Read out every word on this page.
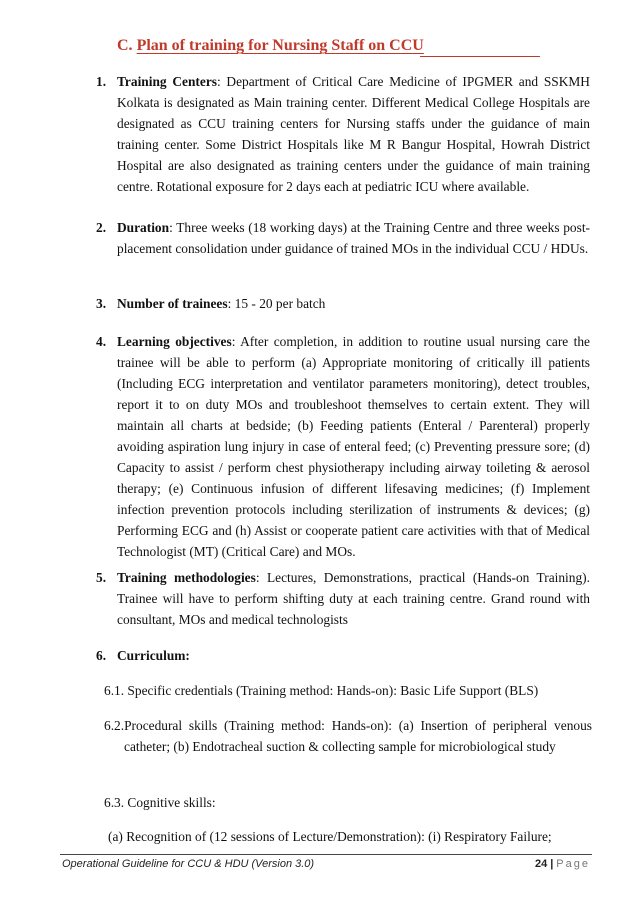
C. Plan of training for Nursing Staff on CCU
1. Training Centers: Department of Critical Care Medicine of IPGMER and SSKMH Kolkata is designated as Main training center. Different Medical College Hospitals are designated as CCU training centers for Nursing staffs under the guidance of main training center. Some District Hospitals like M R Bangur Hospital, Howrah District Hospital are also designated as training centers under the guidance of main training centre. Rotational exposure for 2 days each at pediatric ICU where available.
2. Duration: Three weeks (18 working days) at the Training Centre and three weeks post-placement consolidation under guidance of trained MOs in the individual CCU / HDUs.
3. Number of trainees: 15 - 20 per batch
4. Learning objectives: After completion, in addition to routine usual nursing care the trainee will be able to perform (a) Appropriate monitoring of critically ill patients (Including ECG interpretation and ventilator parameters monitoring), detect troubles, report it to on duty MOs and troubleshoot themselves to certain extent. They will maintain all charts at bedside; (b) Feeding patients (Enteral / Parenteral) properly avoiding aspiration lung injury in case of enteral feed; (c) Preventing pressure sore; (d) Capacity to assist / perform chest physiotherapy including airway toileting & aerosol therapy; (e) Continuous infusion of different lifesaving medicines; (f) Implement infection prevention protocols including sterilization of instruments & devices; (g) Performing ECG and (h) Assist or cooperate patient care activities with that of Medical Technologist (MT) (Critical Care) and MOs.
5. Training methodologies: Lectures, Demonstrations, practical (Hands-on Training). Trainee will have to perform shifting duty at each training centre. Grand round with consultant, MOs and medical technologists
6. Curriculum:
6.1. Specific credentials (Training method: Hands-on): Basic Life Support (BLS)
6.2.Procedural skills (Training method: Hands-on): (a) Insertion of peripheral venous catheter; (b) Endotracheal suction & collecting sample for microbiological study
6.3. Cognitive skills:
(a) Recognition of (12 sessions of Lecture/Demonstration): (i) Respiratory Failure;
Operational Guideline for CCU & HDU (Version 3.0)	24 | Page
